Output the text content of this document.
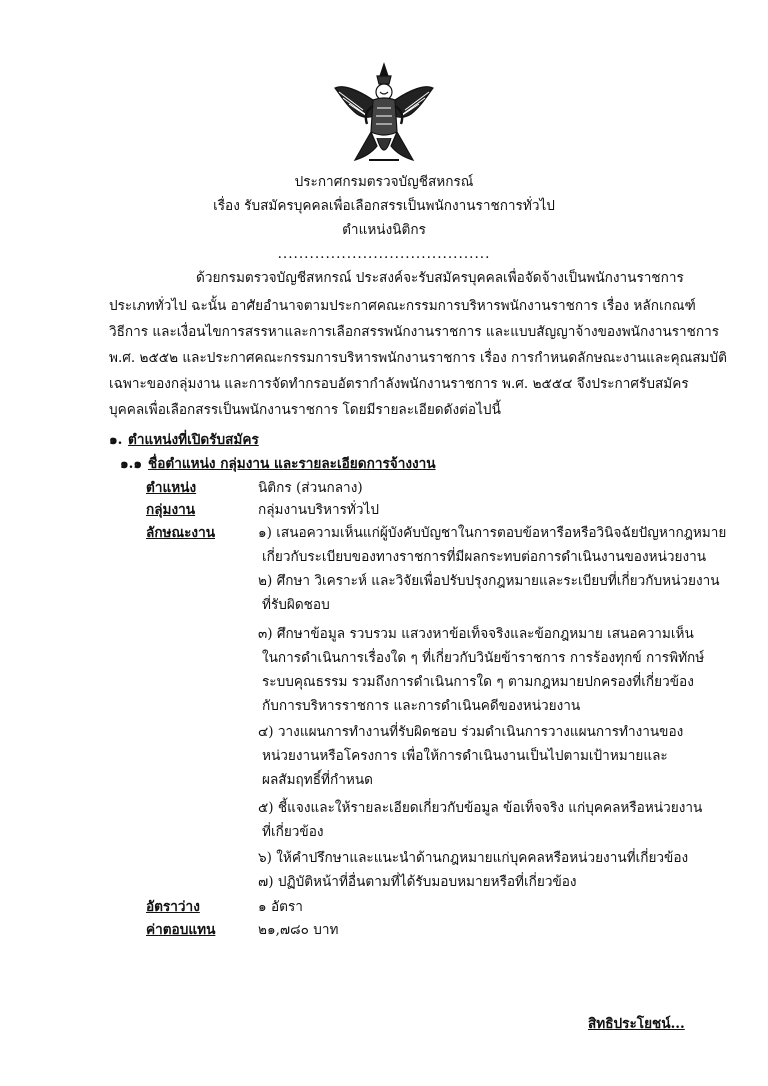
ประกาศกรมตรวจบัญชีสหกรณ์
เรื่อง รับสมัครบุคคลเพื่อเลือกสรรเป็นพนักงานราชการทั่วไป
ตำแหน่งนิติกร
........................................
ด้วยกรมตรวจบัญชีสหกรณ์ ประสงค์จะรับสมัครบุคคลเพื่อจัดจ้างเป็นพนักงานราชการ
ประเภททั่วไป ฉะนั้น อาศัยอำนาจตามประกาศคณะกรรมการบริหารพนักงานราชการ เรื่อง หลักเกณฑ์
วิธีการ และเงื่อนไขการสรรหาและการเลือกสรรพนักงานราชการ และแบบสัญญาจ้างของพนักงานราชการ
พ.ศ. ๒๕๕๒ และประกาศคณะกรรมการบริหารพนักงานราชการ เรื่อง การกำหนดลักษณะงานและคุณสมบัติ
เฉพาะของกลุ่มงาน และการจัดทำกรอบอัตรากำลังพนักงานราชการ พ.ศ. ๒๕๕๔ จึงประกาศรับสมัคร
บุคคลเพื่อเลือกสรรเป็นพนักงานราชการ โดยมีรายละเอียดดังต่อไปนี้
๑. ตำแหน่งที่เปิดรับสมัคร
๑.๑ ชื่อตำแหน่ง กลุ่มงาน และรายละเอียดการจ้างงาน
ตำแหน่ง	นิติกร (ส่วนกลาง)
กลุ่มงาน	กลุ่มงานบริหารทั่วไป
ลักษณะงาน	๑) เสนอความเห็นแก่ผู้บังคับบัญชาในการตอบข้อหารือหรือวินิจฉัยปัญหากฎหมาย
เกี่ยวกับระเบียบของทางราชการที่มีผลกระทบต่อการดำเนินงานของหน่วยงาน
๒) ศึกษา วิเคราะห์ และวิจัยเพื่อปรับปรุงกฎหมายและระเบียบที่เกี่ยวกับหน่วยงาน
ที่รับผิดชอบ
๓) ศึกษาข้อมูล รวบรวม แสวงหาข้อเท็จจริงและข้อกฎหมาย เสนอความเห็น
ในการดำเนินการเรื่องใด ๆ ที่เกี่ยวกับวินัยข้าราชการ การร้องทุกข์ การพิทักษ์
ระบบคุณธรรม รวมถึงการดำเนินการใด ๆ ตามกฎหมายปกครองที่เกี่ยวข้อง
กับการบริหารราชการ และการดำเนินคดีของหน่วยงาน
๔) วางแผนการทำงานที่รับผิดชอบ ร่วมดำเนินการวางแผนการทำงานของ
หน่วยงานหรือโครงการ เพื่อให้การดำเนินงานเป็นไปตามเป้าหมายและ
ผลสัมฤทธิ์ที่กำหนด
๕) ชี้แจงและให้รายละเอียดเกี่ยวกับข้อมูล ข้อเท็จจริง แก่บุคคลหรือหน่วยงาน
ที่เกี่ยวข้อง
๖) ให้คำปรึกษาและแนะนำด้านกฎหมายแก่บุคคลหรือหน่วยงานที่เกี่ยวข้อง
๗) ปฏิบัติหน้าที่อื่นตามที่ได้รับมอบหมายหรือที่เกี่ยวข้อง
อัตราว่าง	๑ อัตรา
ค่าตอบแทน	๒๑,๗๘๐ บาท
สิทธิประโยชน์...
